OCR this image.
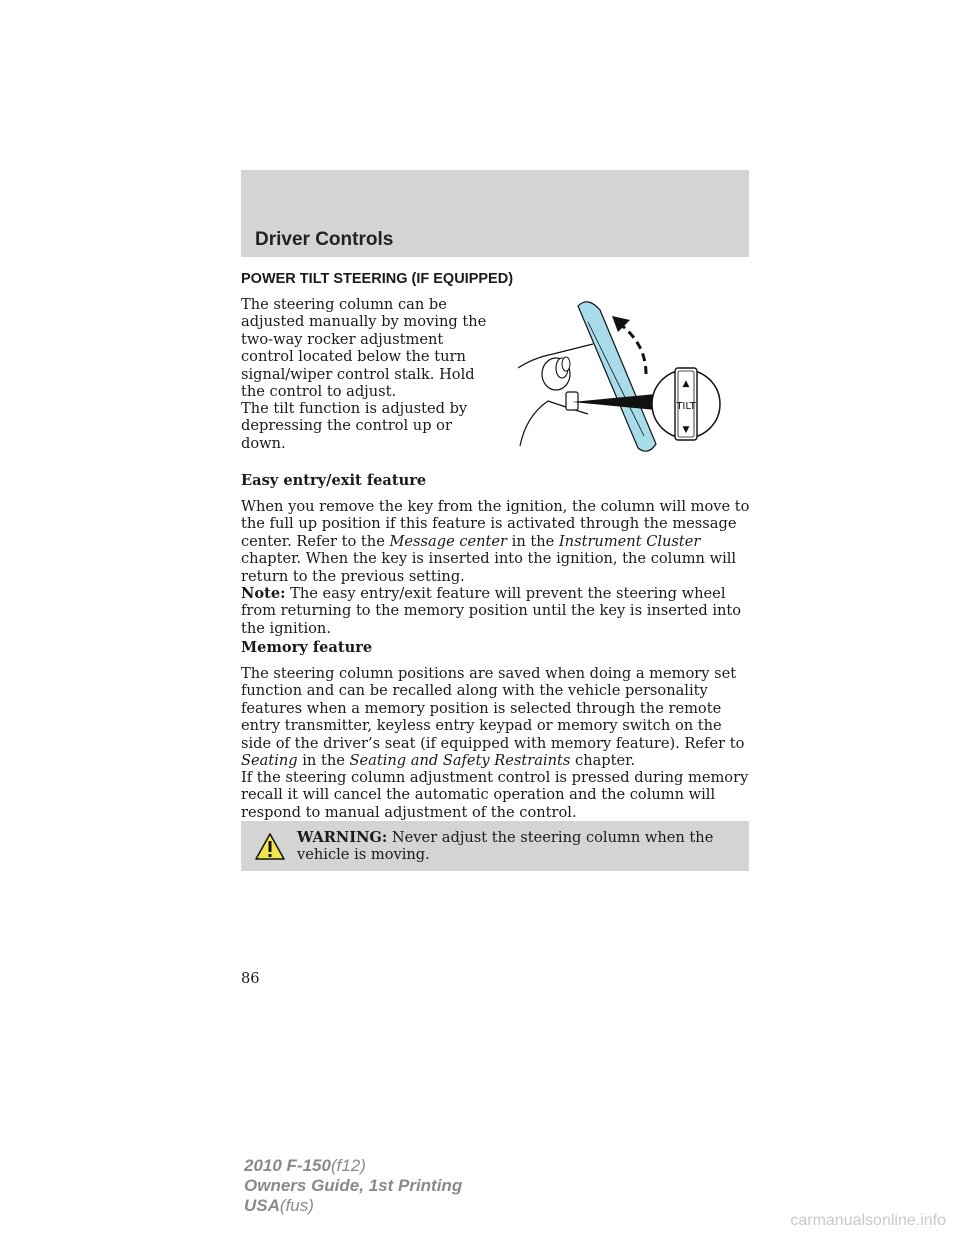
Driver Controls
POWER TILT STEERING (IF EQUIPPED)
The steering column can be adjusted manually by moving the two-way rocker adjustment control located below the turn signal/wiper control stalk. Hold the control to adjust.
The tilt function is adjusted by depressing the control up or down.
▲
TILT
▼
Easy entry/exit feature
When you remove the key from the ignition, the column will move to the full up position if this feature is activated through the message center. Refer to the Message center in the Instrument Cluster chapter. When the key is inserted into the ignition, the column will return to the previous setting.
Note: The easy entry/exit feature will prevent the steering wheel from returning to the memory position until the key is inserted into the ignition.
Memory feature
The steering column positions are saved when doing a memory set function and can be recalled along with the vehicle personality features when a memory position is selected through the remote entry transmitter, keyless entry keypad or memory switch on the side of the driver’s seat (if equipped with memory feature). Refer to Seating in the Seating and Safety Restraints chapter.
If the steering column adjustment control is pressed during memory recall it will cancel the automatic operation and the column will respond to manual adjustment of the control.
WARNING: Never adjust the steering column when the vehicle is moving.
86
2010 F-150(f12)
Owners Guide, 1st Printing
USA(fus)
carmanualsonline.info
